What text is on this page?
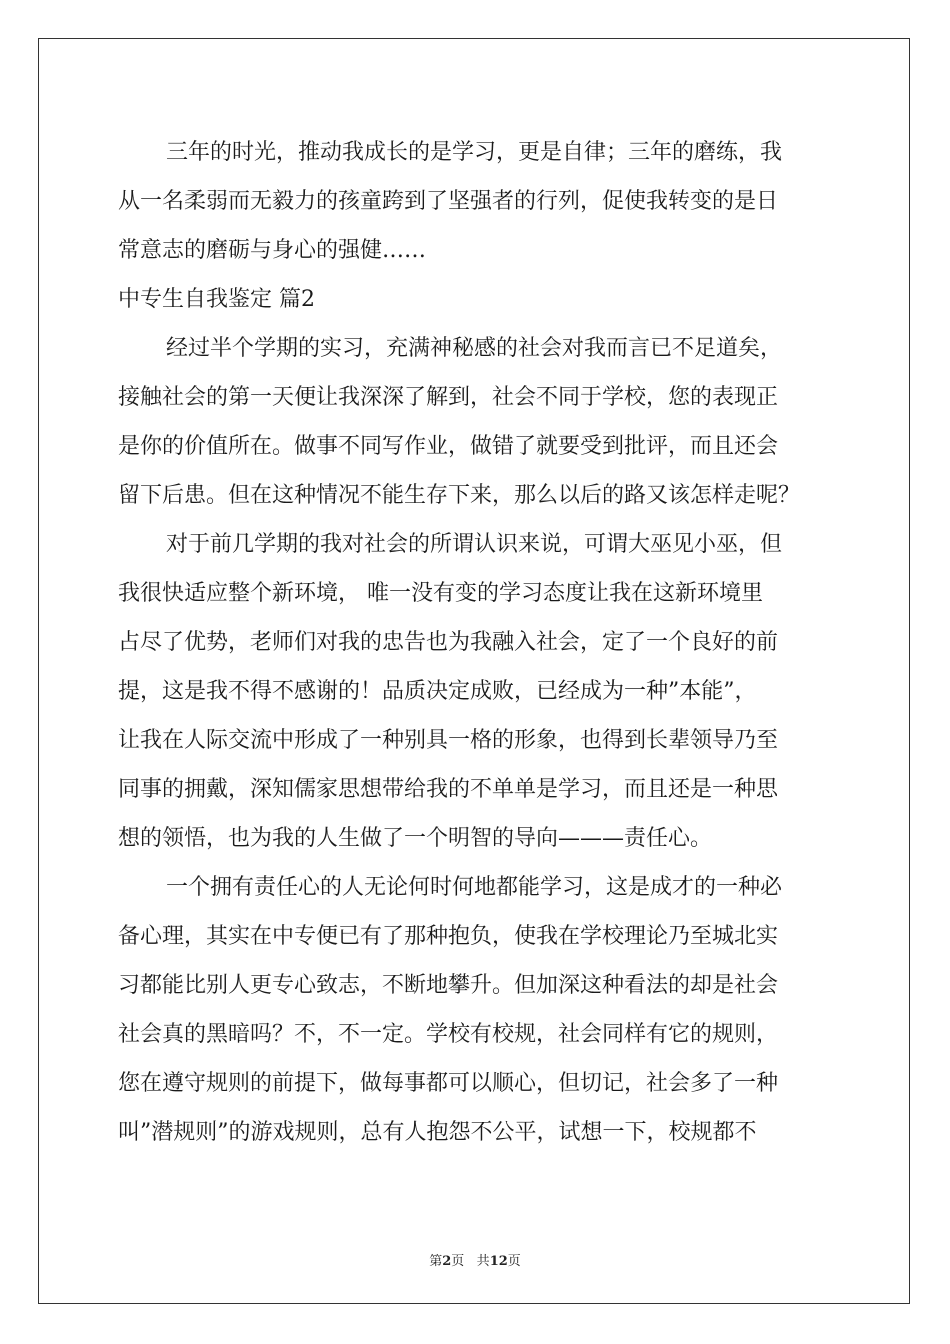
三年的时光，推动我成长的是学习，更是自律；三年的磨练，我
从一名柔弱而无毅力的孩童跨到了坚强者的行列，促使我转变的是日
常意志的磨砺与身心的强健……
中专生自我鉴定 篇2
经过半个学期的实习，充满神秘感的社会对我而言已不足道矣，
接触社会的第一天便让我深深了解到，社会不同于学校，您的表现正
是你的价值所在。做事不同写作业，做错了就要受到批评，而且还会
留下后患。但在这种情况不能生存下来，那么以后的路又该怎样走呢？
对于前几学期的我对社会的所谓认识来说，可谓大巫见小巫，但
我很快适应整个新环境， 唯一没有变的学习态度让我在这新环境里
占尽了优势，老师们对我的忠告也为我融入社会，定了一个良好的前
提，这是我不得不感谢的！品质决定成败，已经成为一种”本能”，
让我在人际交流中形成了一种别具一格的形象，也得到长辈领导乃至
同事的拥戴，深知儒家思想带给我的不单单是学习，而且还是一种思
想的领悟，也为我的人生做了一个明智的导向———责任心。
一个拥有责任心的人无论何时何地都能学习，这是成才的一种必
备心理，其实在中专便已有了那种抱负，使我在学校理论乃至城北实
习都能比别人更专心致志，不断地攀升。但加深这种看法的却是社会
社会真的黑暗吗？不，不一定。学校有校规，社会同样有它的规则，
您在遵守规则的前提下，做每事都可以顺心，但切记，社会多了一种
叫”潜规则”的游戏规则，总有人抱怨不公平，试想一下，校规都不
第2页 共12页
